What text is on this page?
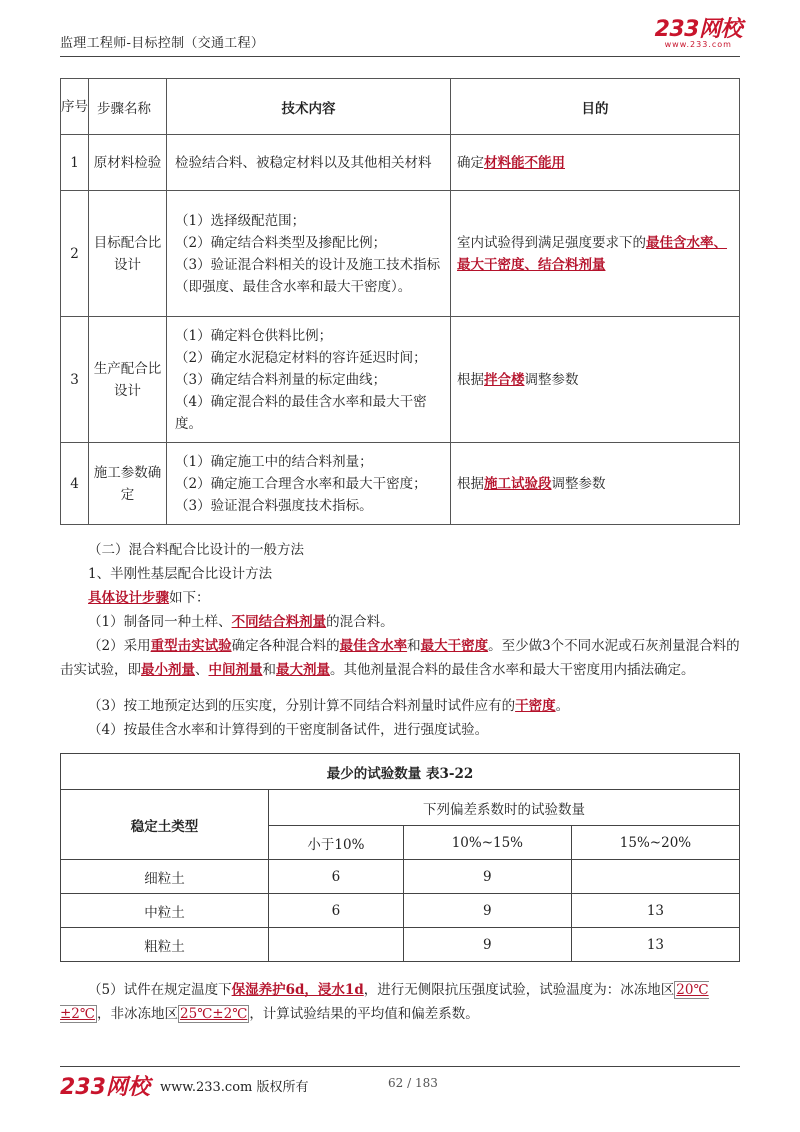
监理工程师-目标控制（交通工程）
233网校
www.233.com
序号	步骤名称	技术内容	目的
1	原材料检验	检验结合料、被稳定材料以及其他相关材料	确定材料能不能用
2	目标配合比设计	（1）选择级配范围；
（2）确定结合料类型及掺配比例；
（3）验证混合料相关的设计及施工技术指标（即强度、最佳含水率和最大干密度）。	室内试验得到满足强度要求下的最佳含水率、最大干密度、结合料剂量
3	生产配合比设计	（1）确定料仓供料比例；
（2）确定水泥稳定材料的容许延迟时间；
（3）确定结合料剂量的标定曲线；
（4）确定混合料的最佳含水率和最大干密度。	根据拌合楼调整参数
4	施工参数确定	（1）确定施工中的结合料剂量；
（2）确定施工合理含水率和最大干密度；
（3）验证混合料强度技术指标。	根据施工试验段调整参数
（二）混合料配合比设计的一般方法
1、半刚性基层配合比设计方法
具体设计步骤如下：
（1）制备同一种土样、不同结合料剂量的混合料。
（2）采用重型击实试验确定各种混合料的最佳含水率和最大干密度。至少做3个不同水泥或石灰剂量混合料的击实试验，即最小剂量、中间剂量和最大剂量。其他剂量混合料的最佳含水率和最大干密度用内插法确定。
（3）按工地预定达到的压实度，分别计算不同结合料剂量时试件应有的干密度。
（4）按最佳含水率和计算得到的干密度制备试件，进行强度试验。
最少的试验数量 表3-22			
稳定土类型	下列偏差系数时的试验数量		
	小于10%	10%~15%	15%~20%
细粒土	6	9	
中粒土	6	9	13
粗粒土		9	13
（5）试件在规定温度下保湿养护6d，浸水1d，进行无侧限抗压强度试验，试验温度为：冰冻地区 20℃±2℃ ，非冰冻地区 25℃±2℃ ，计算试验结果的平均值和偏差系数。
233网校 www.233.com 版权所有	62 / 183
